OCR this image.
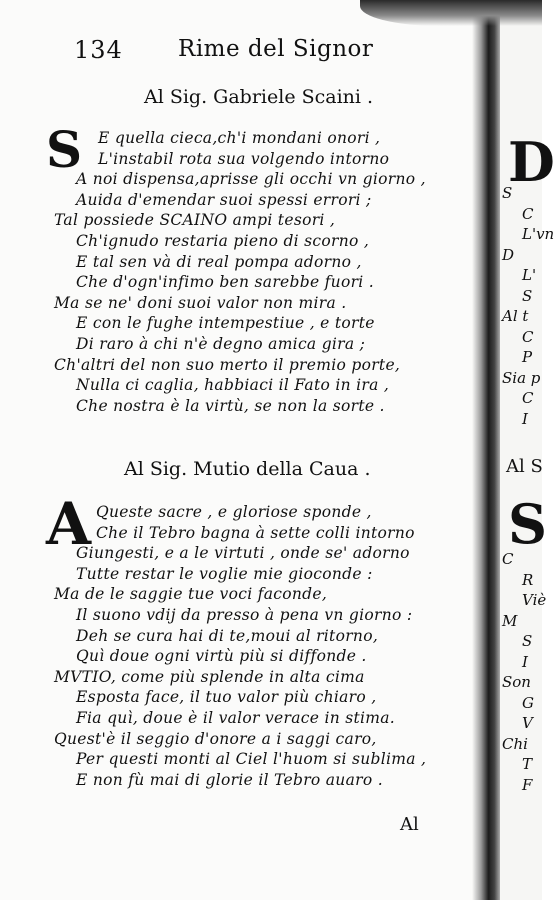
D
S
Al S
S
C
L'vn
D
L'
S
Al t
C
P
Sia p
C
I
C
R
Viè
M
S
I
Son
G
V
Chi
T
F
134 Rime del Signor
Al Sig. Gabriele Scaini .
S	E quella cieca,ch'i mondani onori ,
L'instabil rota sua volgendo intorno
A noi dispensa,aprisse gli occhi vn giorno ,
Auida d'emendar suoi spessi errori ;
Tal possiede SCAINO ampi tesori ,
Ch'ignudo restaria pieno di scorno ,
E tal sen và di real pompa adorno ,
Che d'ogn'infimo ben sarebbe fuori .
Ma se ne' doni suoi valor non mira .
E con le fughe intempestiue , e torte
Di raro à chi n'è degno amica gira ;
Ch'altri del non suo merto il premio porte,
Nulla ci caglia, habbiaci il Fato in ira ,
Che nostra è la virtù, se non la sorte .
Al Sig. Mutio della Caua .
A Queste sacre , e gloriose sponde ,
Che il Tebro bagna à sette colli intorno
Giungesti, e a le virtuti , onde se' adorno
Tutte restar le voglie mie gioconde :
Ma de le saggie tue voci faconde,
Il suono vdij da presso à pena vn giorno :
Deh se cura hai di te,moui al ritorno,
Quì doue ogni virtù più si diffonde .
MVTIO, come più splende in alta cima
Esposta face, il tuo valor più chiaro ,
Fia quì, doue è il valor verace in stima.
Quest'è il seggio d'onore a i saggi caro,
Per questi monti al Ciel l'huom si sublima ,
E non fù mai di glorie il Tebro auaro .
Al
